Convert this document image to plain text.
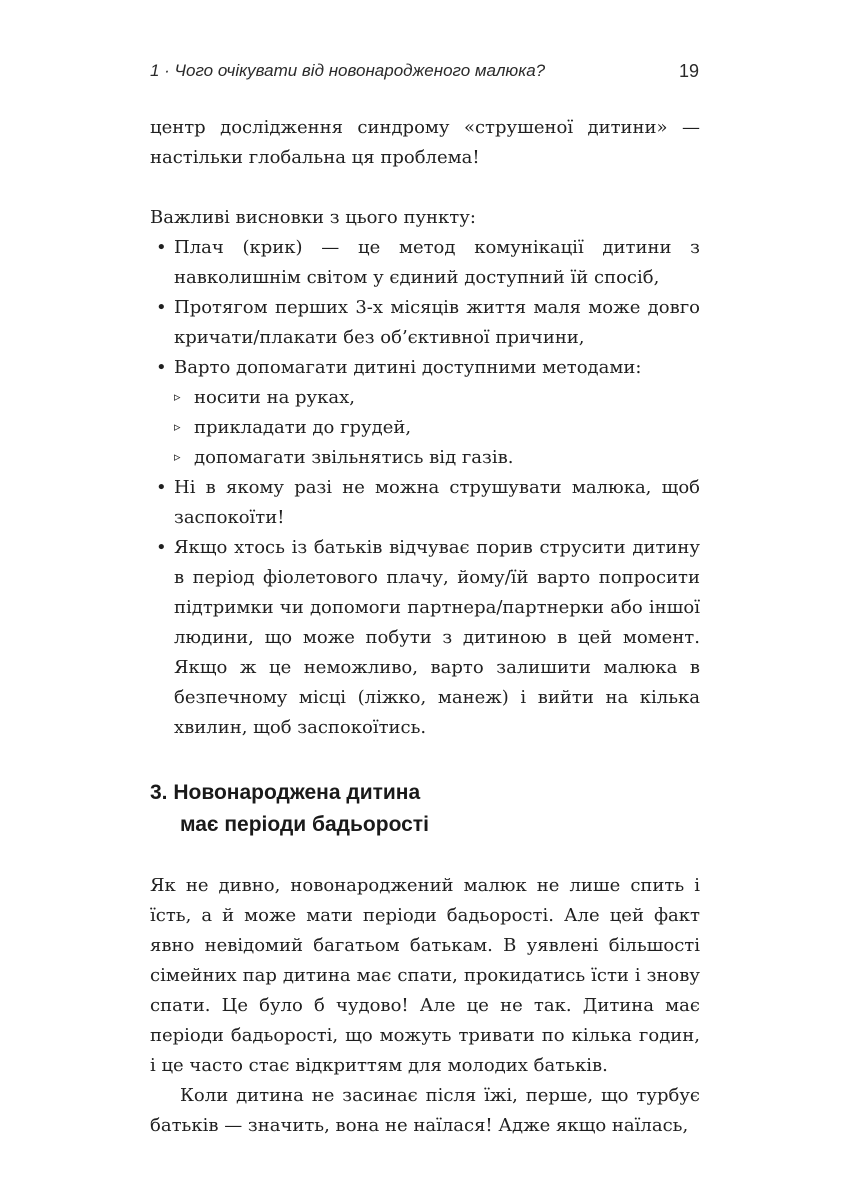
1 · Чого очікувати від новонародженого малюка?	19

центр дослідження синдрому «струшеної дитини» — настільки глобальна ця проблема!

Важливі висновки з цього пункту:

• Плач (крик) — це метод комунікації дитини з навколишнім світом у єдиний доступний їй спосіб,
• Протягом перших 3-х місяців життя маля може довго кричати/плакати без об’єктивної причини,
• Варто допомагати дитині доступними методами:
▹ носити на руках,
▹ прикладати до грудей,
▹ допомагати звільнятись від газів.
• Ні в якому разі не можна струшувати малюка, щоб заспокоїти!
• Якщо хтось із батьків відчуває порив струсити дитину в період фіолетового плачу, йому/їй варто попросити підтримки чи допомоги партнера/партнерки або іншої людини, що може побути з дитиною в цей момент. Якщо ж це неможливо, варто залишити малюка в безпечному місці (ліжко, манеж) і вийти на кілька хвилин, щоб заспокоїтись.
3. Новонароджена дитина
має періоди бадьорості

Як не дивно, новонароджений малюк не лише спить і їсть, а й може мати періоди бадьорості. Але цей факт явно невідомий багатьом батькам. В уявлені більшості сімейних пар дитина має спати, прокидатись їсти і знову спати. Це було б чудово! Але це не так. Дитина має періоди бадьорості, що можуть тривати по кілька годин, і це часто стає відкриттям для молодих батьків.

Коли дитина не засинає після їжі, перше, що турбує батьків — значить, вона не наїлася! Адже якщо наїлась,
